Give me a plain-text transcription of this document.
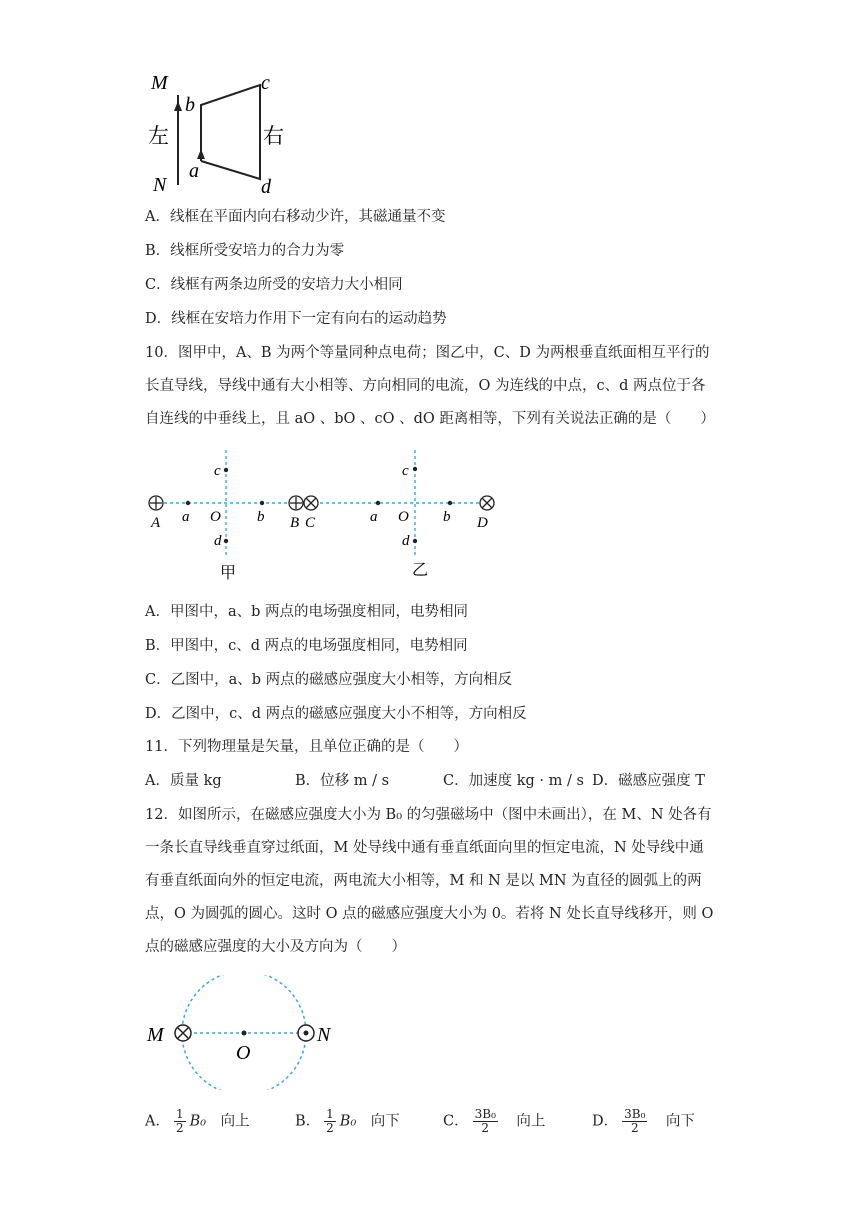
M
N
b
a
c
d
左	右
A．线框在平面内向右移动少许，其磁通量不变
B．线框所受安培力的合力为零
C．线框有两条边所受的安培力大小相同
D．线框在安培力作用下一定有向右的运动趋势
10．图甲中，A、B 为两个等量同种点电荷；图乙中，C、D 为两根垂直纸面相互平行的
长直导线，导线中通有大小相等、方向相同的电流，O 为连线的中点，c、d 两点位于各
自连线的中垂线上，且 aO 、bO 、cO 、dO 距离相等，下列有关说法正确的是（　　）
A a O b B
c
d
甲
C	a O b D
c
d
乙
A．甲图中，a、b 两点的电场强度相同，电势相同
B．甲图中，c、d 两点的电场强度相同，电势相同
C．乙图中，a、b 两点的磁感应强度大小相等，方向相反
D．乙图中，c、d 两点的磁感应强度大小不相等，方向相反
11．下列物理量是矢量，且单位正确的是（　　）
A．质量 kg	B．位移 m / s	C．加速度 kg · m / s D．磁感应强度 T
12．如图所示，在磁感应强度大小为 B₀ 的匀强磁场中（图中未画出），在 M、N 处各有
一条长直导线垂直穿过纸面，M 处导线中通有垂直纸面向里的恒定电流，N 处导线中通
有垂直纸面向外的恒定电流，两电流大小相等，M 和 N 是以 MN 为直径的圆弧上的两
点，O 为圆弧的圆心。这时 O 点的磁感应强度大小为 0。若将 N 处长直导线移开，则 O
点的磁感应强度的大小及方向为（　　）
M	N
O
A． $\frac{1}{2} B_0$　 向上	B． $\frac{1}{2} B_0$　 向下	C． $\frac{\text{3B₀}}{2}$
　 向上	D． $\frac{\text{3B₀}}{2}$
　 向下
